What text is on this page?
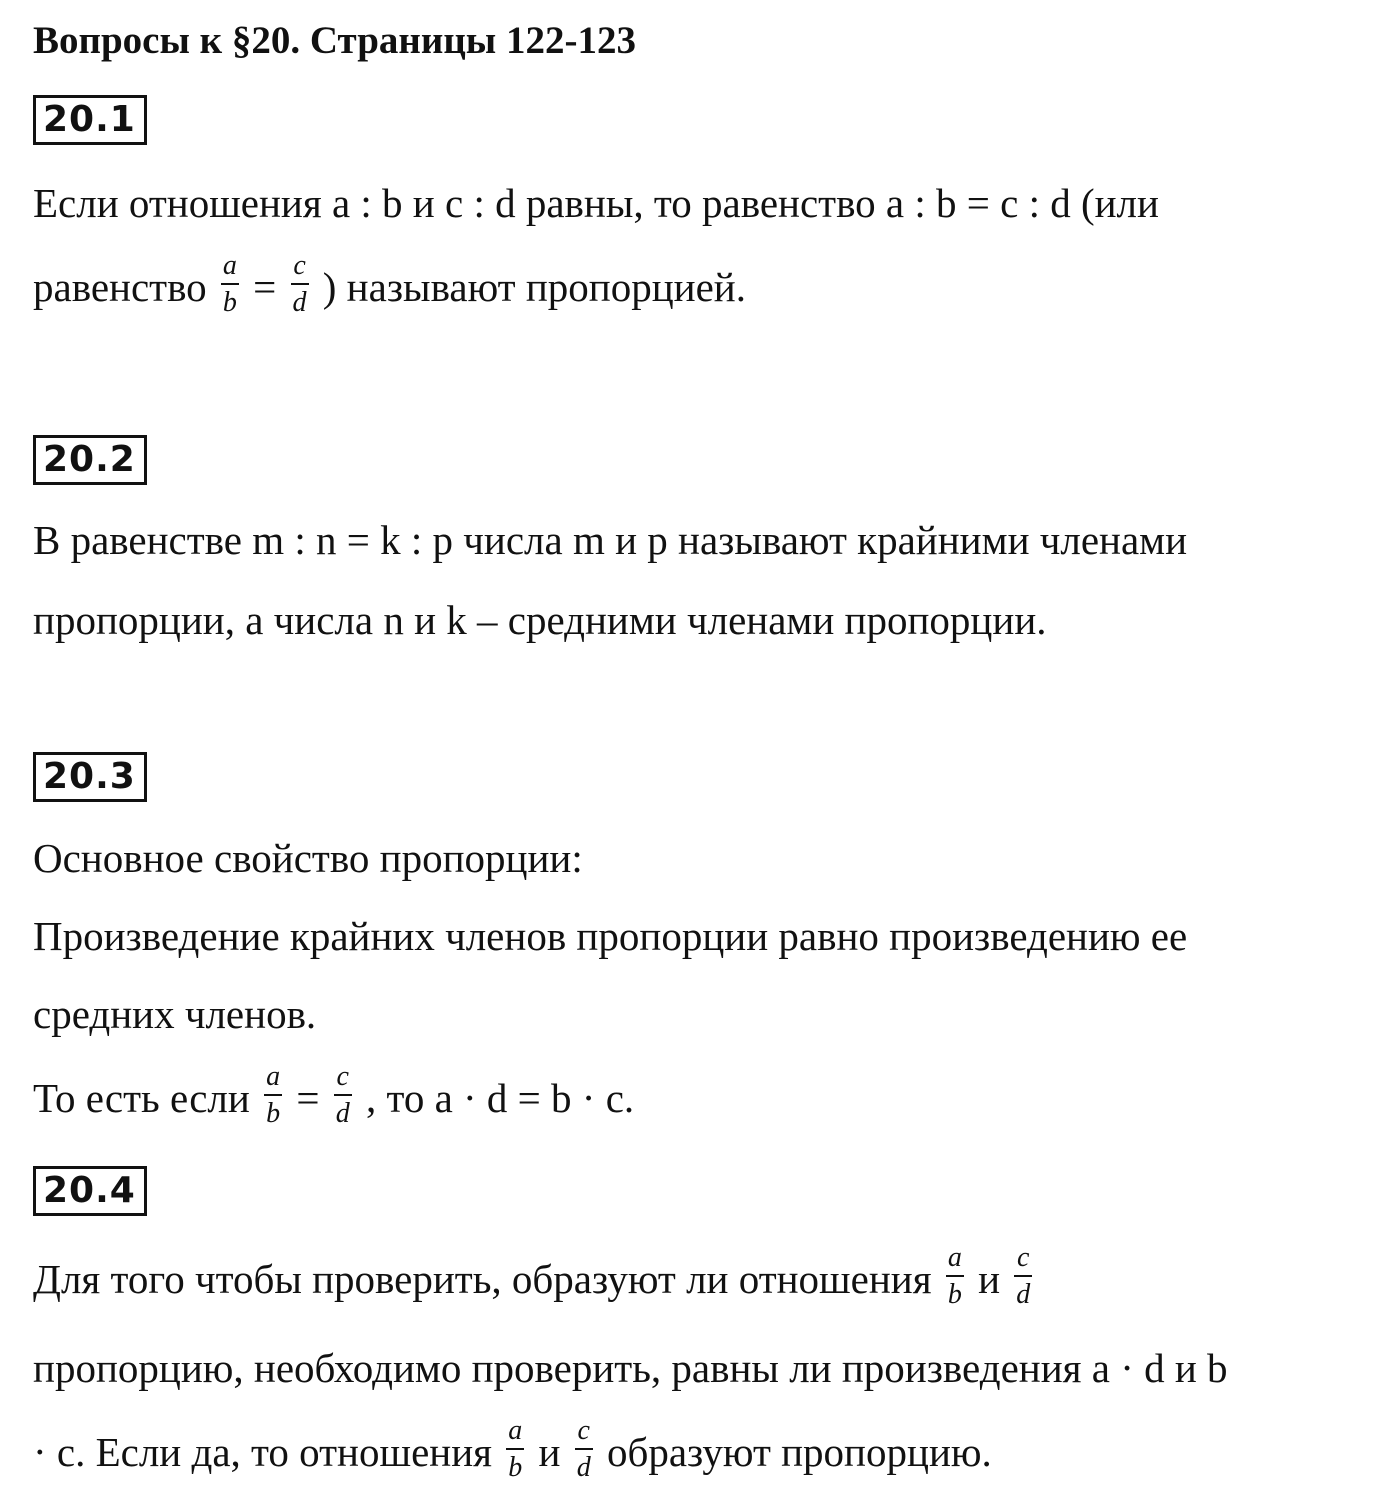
Вопросы к §20. Страницы 122-123
20.1
Если отношения a : b и c : d равны, то равенство a : b = c : d (или
равенство $\frac{a}{b} = \frac{c}{d}$ ) называют пропорцией.
20.2
В равенстве m : n = k : p числа m и p называют крайними членами
пропорции, а числа n и k – средними членами пропорции.
20.3
Основное свойство пропорции:
Произведение крайних членов пропорции равно произведению ее
средних членов.
То есть если $\frac{a}{b} = \frac{c}{d}$ , то a · d = b · c.
20.4
Для того чтобы проверить, образуют ли отношения $\frac{a}{b}$ и $\frac{c}{d}$
пропорцию, необходимо проверить, равны ли произведения a · d и b
· c. Если да, то отношения $\frac{a}{b}$ и $\frac{c}{d}$ образуют пропорцию.
